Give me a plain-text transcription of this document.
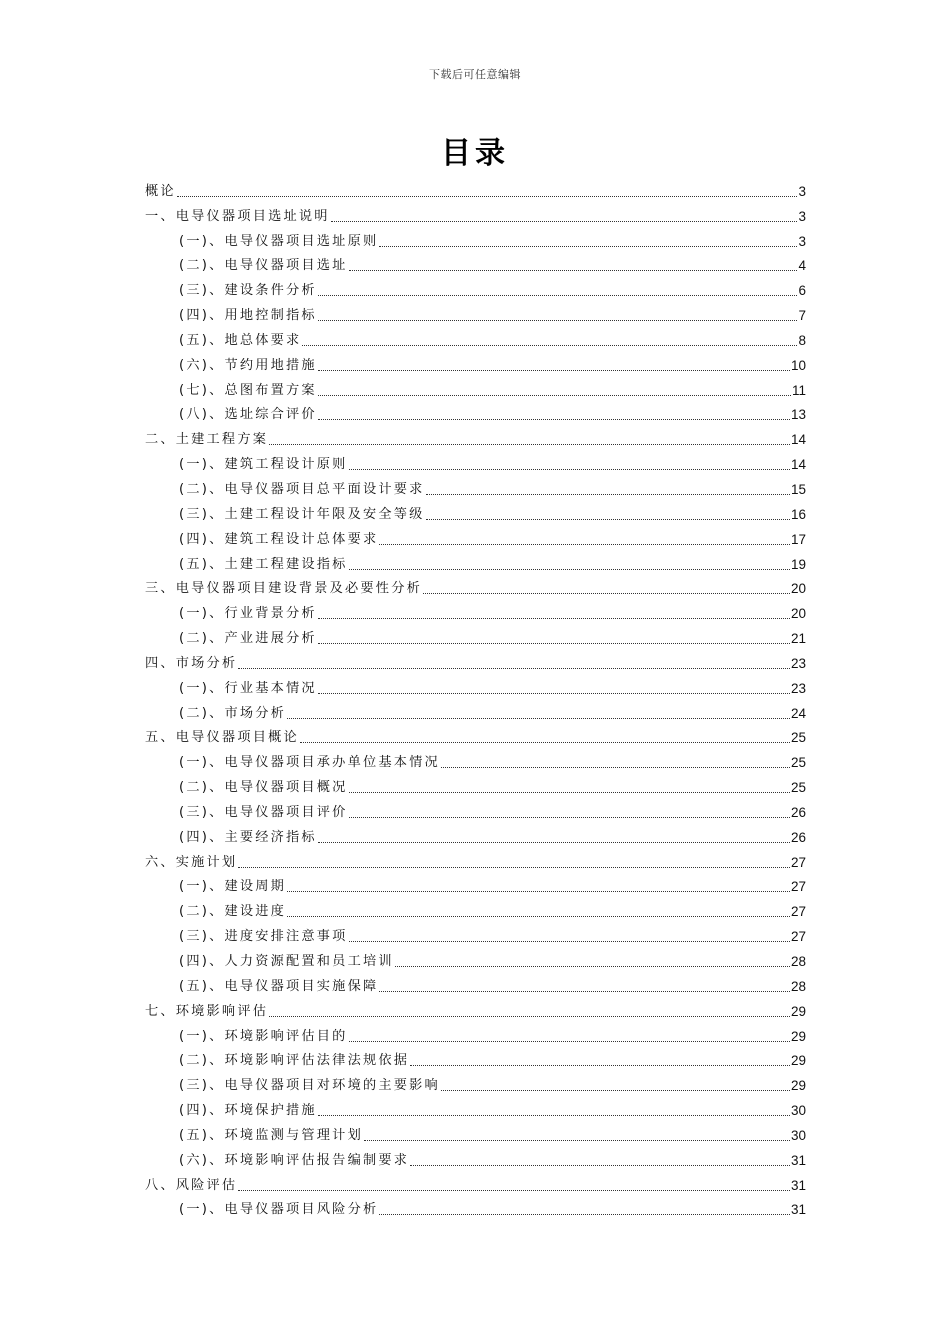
下载后可任意编辑
目录
概论	3
一、电导仪器项目选址说明	3
(一)、电导仪器项目选址原则	3
(二)、电导仪器项目选址	4
(三)、建设条件分析	6
(四)、用地控制指标	7
(五)、地总体要求	8
(六)、节约用地措施	10
(七)、总图布置方案	11
(八)、选址综合评价	13
二、土建工程方案	14
(一)、建筑工程设计原则	14
(二)、电导仪器项目总平面设计要求	15
(三)、土建工程设计年限及安全等级	16
(四)、建筑工程设计总体要求	17
(五)、土建工程建设指标	19
三、电导仪器项目建设背景及必要性分析	20
(一)、行业背景分析	20
(二)、产业进展分析	21
四、市场分析	23
(一)、行业基本情况	23
(二)、市场分析	24
五、电导仪器项目概论	25
(一)、电导仪器项目承办单位基本情况	25
(二)、电导仪器项目概况	25
(三)、电导仪器项目评价	26
(四)、主要经济指标	26
六、实施计划	27
(一)、建设周期	27
(二)、建设进度	27
(三)、进度安排注意事项	27
(四)、人力资源配置和员工培训	28
(五)、电导仪器项目实施保障	28
七、环境影响评估	29
(一)、环境影响评估目的	29
(二)、环境影响评估法律法规依据	29
(三)、电导仪器项目对环境的主要影响	29
(四)、环境保护措施	30
(五)、环境监测与管理计划	30
(六)、环境影响评估报告编制要求	31
八、风险评估	31
(一)、电导仪器项目风险分析	31
